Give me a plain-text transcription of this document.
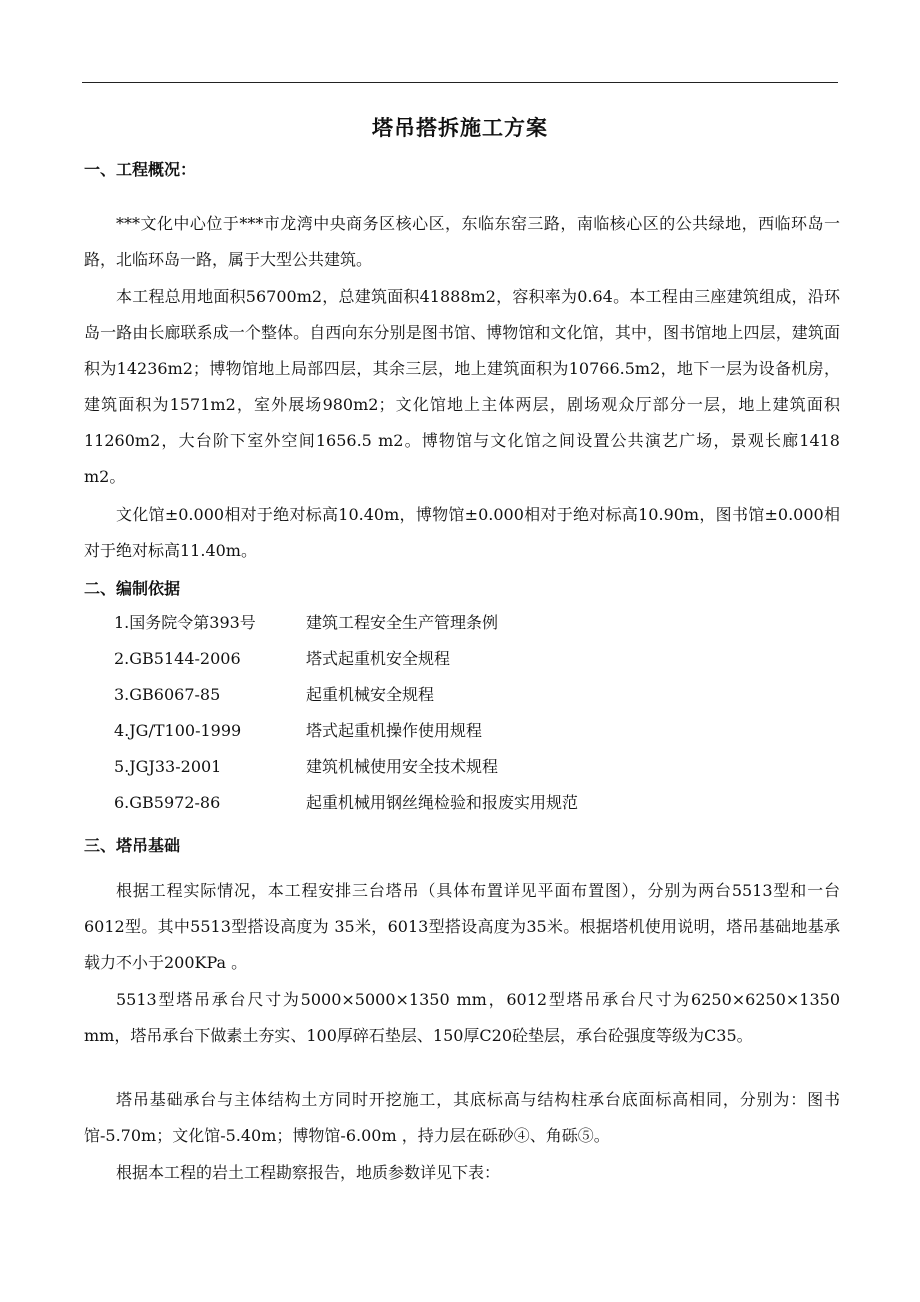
塔吊搭拆施工方案
一、工程概况：

***文化中心位于***市龙湾中央商务区核心区，东临东窑三路，南临核心区的公共绿地，西临环岛一路，北临环岛一路，属于大型公共建筑。

本工程总用地面积56700m2，总建筑面积41888m2，容积率为0.64。本工程由三座建筑组成，沿环岛一路由长廊联系成一个整体。自西向东分别是图书馆、博物馆和文化馆，其中，图书馆地上四层，建筑面积为14236m2；博物馆地上局部四层，其余三层，地上建筑面积为10766.5m2，地下一层为设备机房，建筑面积为1571m2，室外展场980m2；文化馆地上主体两层，剧场观众厅部分一层，地上建筑面积11260m2，大台阶下室外空间1656.5 m2。博物馆与文化馆之间设置公共演艺广场，景观长廊1418 m2。

文化馆±0.000相对于绝对标高10.40m，博物馆±0.000相对于绝对标高10.90m，图书馆±0.000相对于绝对标高11.40m。

二、编制依据
1.国务院令第393号	建筑工程安全生产管理条例
2.GB5144-2006	塔式起重机安全规程
3.GB6067-85	起重机械安全规程
4.JG/T100-1999	塔式起重机操作使用规程
5.JGJ33-2001	建筑机械使用安全技术规程
6.GB5972-86	起重机械用钢丝绳检验和报废实用规范
三、塔吊基础

根据工程实际情况，本工程安排三台塔吊（具体布置详见平面布置图），分别为两台5513型和一台6012型。其中5513型搭设高度为 35米，6013型搭设高度为35米。根据塔机使用说明，塔吊基础地基承载力不小于200KPa 。

5513型塔吊承台尺寸为5000×5000×1350 mm，6012型塔吊承台尺寸为6250×6250×1350 mm，塔吊承台下做素土夯实、100厚碎石垫层、150厚C20砼垫层，承台砼强度等级为C35。

塔吊基础承台与主体结构土方同时开挖施工，其底标高与结构柱承台底面标高相同，分别为：图书馆-5.70m；文化馆-5.40m；博物馆-6.00m ，持力层在砾砂④、角砾⑤。

根据本工程的岩土工程勘察报告，地质参数详见下表：
